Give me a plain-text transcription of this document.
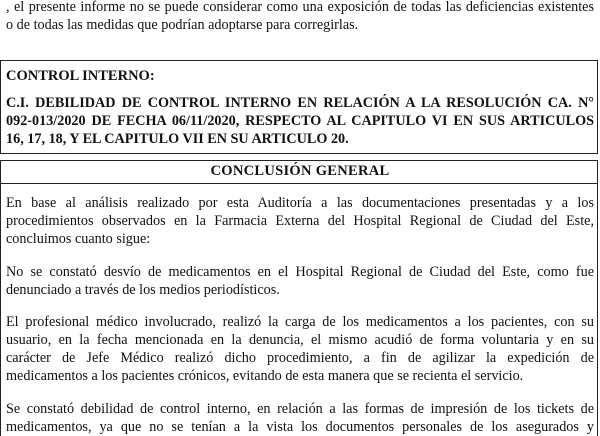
, el presente informe no se puede considerar como una exposición de todas las deficiencias existentes
o de todas las medidas que podrían adoptarse para corregirlas.
CONTROL INTERNO:
C.I. DEBILIDAD DE CONTROL INTERNO EN RELACIÓN A LA RESOLUCIÓN CA. N°
092-013/2020 DE FECHA 06/11/2020, RESPECTO AL CAPITULO VI EN SUS ARTICULOS
16, 17, 18, Y EL CAPITULO VII EN SU ARTICULO 20.
CONCLUSIÓN GENERAL
En base al análisis realizado por esta Auditoría a las documentaciones presentadas y a los
procedimientos observados en la Farmacia Externa del Hospital Regional de Ciudad del Este,
concluimos cuanto sigue:
No se constató desvío de medicamentos en el Hospital Regional de Ciudad del Este, como fue
denunciado a través de los medios periodísticos.
El profesional médico involucrado, realizó la carga de los medicamentos a los pacientes, con su
usuario, en la fecha mencionada en la denuncia, el mismo acudió de forma voluntaria y en su
carácter de Jefe Médico realizó dicho procedimiento, a fin de agilizar la expedición de
medicamentos a los pacientes crónicos, evitando de esta manera que se recienta el servicio.
Se constató debilidad de control interno, en relación a las formas de impresión de los tickets de
medicamentos, ya que no se tenían a la vista los documentos personales de los asegurados y
